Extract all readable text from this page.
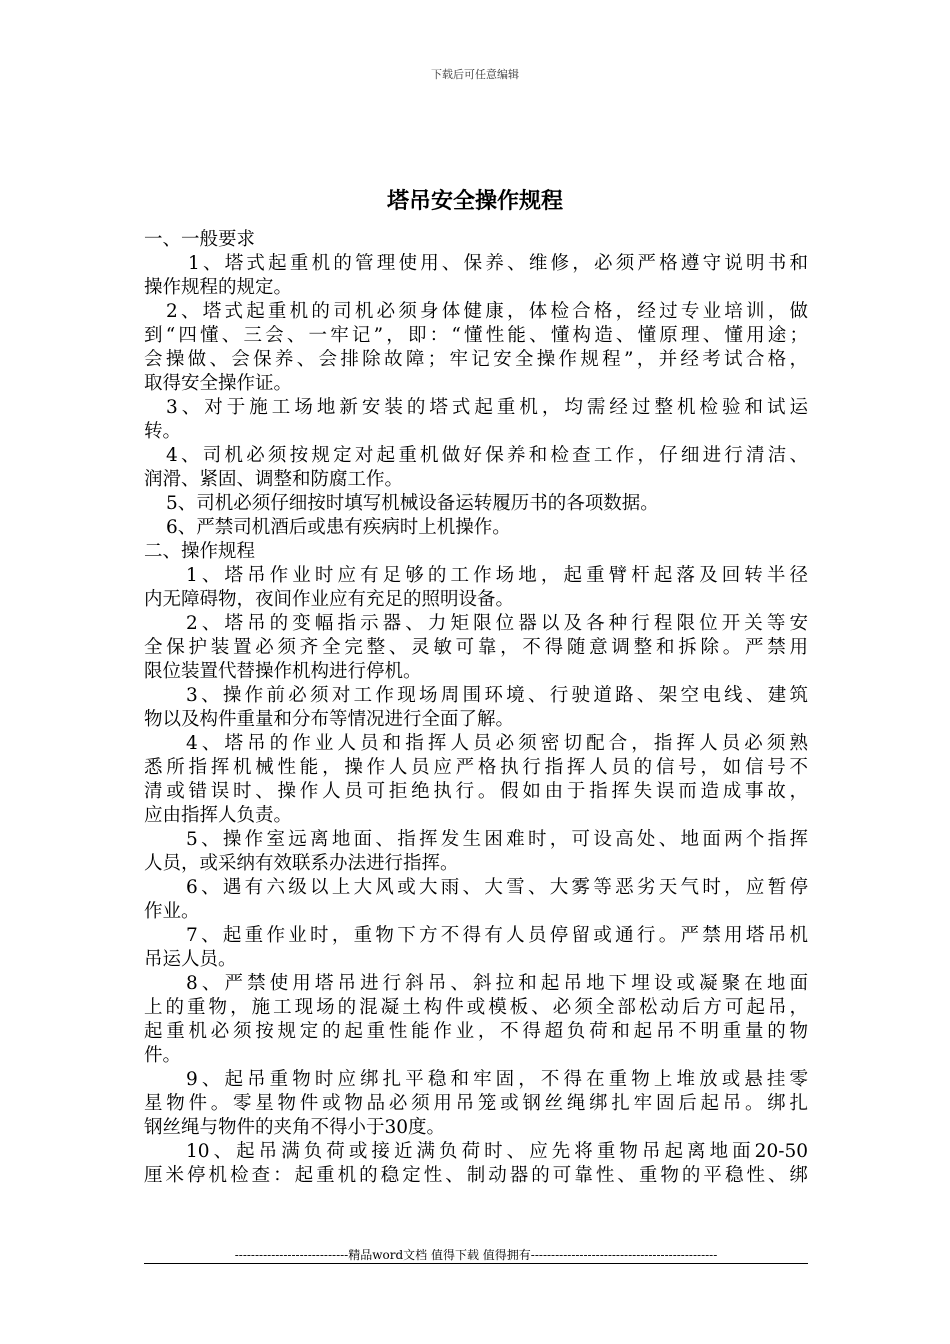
下载后可任意编辑
塔吊安全操作规程
一、一般要求
1、塔式起重机的管理使用、保养、维修，必须严格遵守说明书和
操作规程的规定。
2、塔式起重机的司机必须身体健康，体检合格，经过专业培训，做
到“四懂、三会、一牢记”，即：“懂性能、懂构造、懂原理、懂用途；
会操做、会保养、会排除故障；牢记安全操作规程”，并经考试合格，
取得安全操作证。
3、对于施工场地新安装的塔式起重机，均需经过整机检验和试运
转。
4、司机必须按规定对起重机做好保养和检查工作，仔细进行清洁、
润滑、紧固、调整和防腐工作。
5、司机必须仔细按时填写机械设备运转履历书的各项数据。
6、严禁司机酒后或患有疾病时上机操作。
二、操作规程
1、塔吊作业时应有足够的工作场地，起重臂杆起落及回转半径
内无障碍物，夜间作业应有充足的照明设备。
2、塔吊的变幅指示器、力矩限位器以及各种行程限位开关等安
全保护装置必须齐全完整、灵敏可靠，不得随意调整和拆除。严禁用
限位装置代替操作机构进行停机。
3、操作前必须对工作现场周围环境、行驶道路、架空电线、建筑
物以及构件重量和分布等情况进行全面了解。
4、塔吊的作业人员和指挥人员必须密切配合，指挥人员必须熟
悉所指挥机械性能，操作人员应严格执行指挥人员的信号，如信号不
清或错误时、操作人员可拒绝执行。假如由于指挥失误而造成事故，
应由指挥人负责。
5、操作室远离地面、指挥发生困难时，可设高处、地面两个指挥
人员，或采纳有效联系办法进行指挥。
6、遇有六级以上大风或大雨、大雪、大雾等恶劣天气时，应暂停
作业。
7、起重作业时，重物下方不得有人员停留或通行。严禁用塔吊机
吊运人员。
8、严禁使用塔吊进行斜吊、斜拉和起吊地下埋设或凝聚在地面
上的重物，施工现场的混凝土构件或模板、必须全部松动后方可起吊，
起重机必须按规定的起重性能作业，不得超负荷和起吊不明重量的物
件。
9、起吊重物时应绑扎平稳和牢固，不得在重物上堆放或悬挂零
星物件。零星物件或物品必须用吊笼或钢丝绳绑扎牢固后起吊。绑扎
钢丝绳与物件的夹角不得小于30度。
10、起吊满负荷或接近满负荷时、应先将重物吊起离地面20-50
厘米停机检查：起重机的稳定性、制动器的可靠性、重物的平稳性、绑
----------------------------精品word文档 值得下载 值得拥有----------------------------------------------
